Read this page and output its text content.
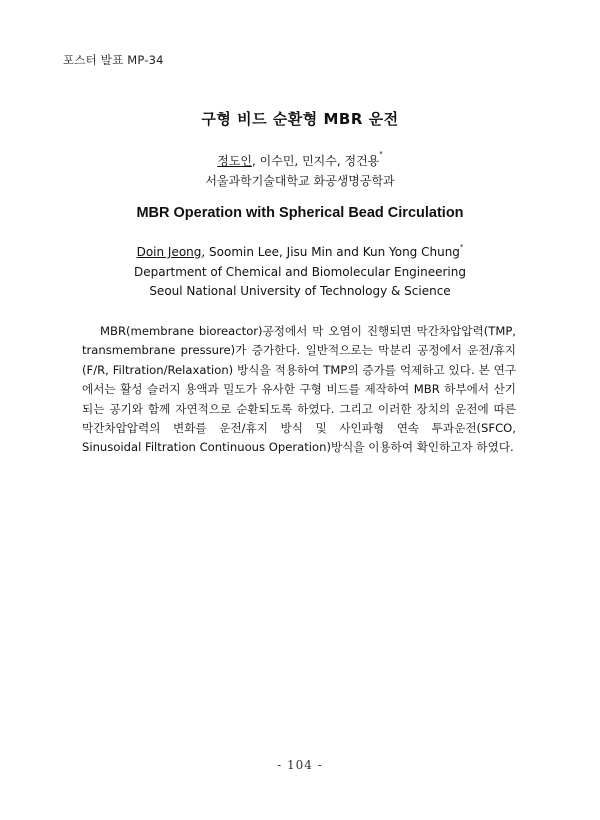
포스터 발표 MP-34
구형 비드 순환형 MBR 운전
정도인, 이수민, 민지수, 정건용*
서울과학기술대학교 화공생명공학과
MBR Operation with Spherical Bead Circulation
Doin Jeong, Soomin Lee, Jisu Min and Kun Yong Chung*
Department of Chemical and Biomolecular Engineering
Seoul National University of Technology & Science

MBR(membrane bioreactor)공정에서 막 오염이 진행되면 막간차압압력(TMP, transmembrane pressure)가 증가한다. 일반적으로는 막분리 공정에서 운전/휴지(F/R, Filtration/Relaxation) 방식을 적용하여 TMP의 증가를 억제하고 있다. 본 연구에서는 활성 슬러지 용액과 밀도가 유사한 구형 비드를 제작하여 MBR 하부에서 산기되는 공기와 함께 자연적으로 순환되도록 하였다. 그리고 이러한 장치의 운전에 따른 막간차압압력의 변화를 운전/휴지 방식 및 사인파형 연속 투과운전(SFCO, Sinusoidal Filtration Continuous Operation)방식을 이용하여 확인하고자 하였다.

- 104 -
